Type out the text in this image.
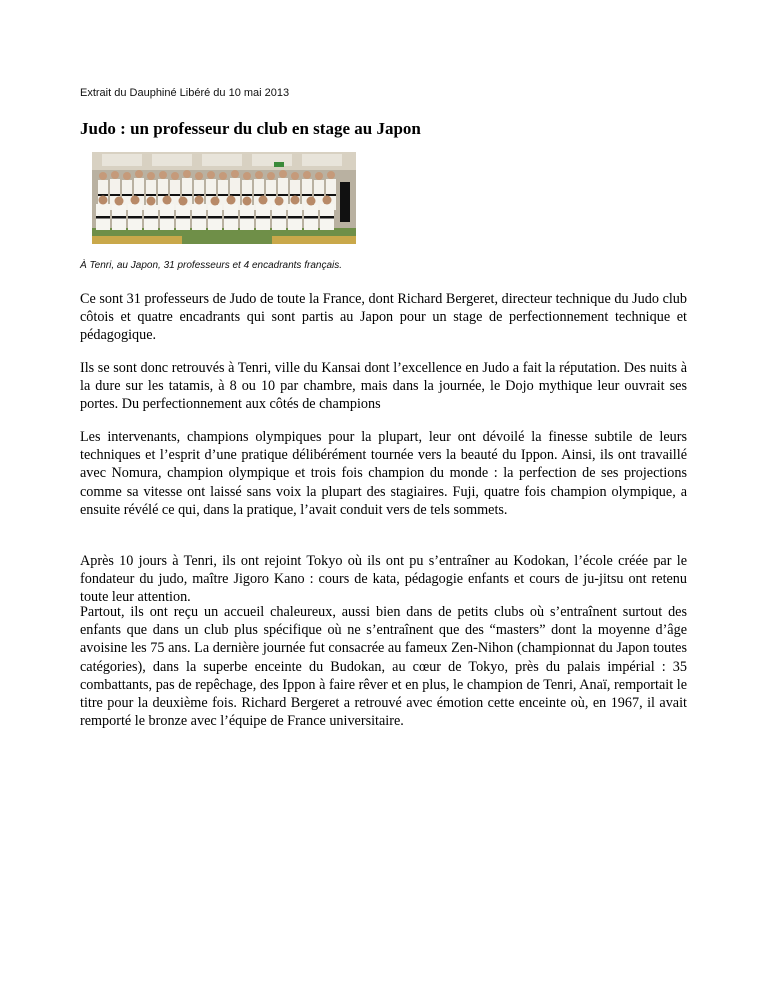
Extrait du Dauphiné Libéré du 10 mai 2013
Judo : un professeur du club en stage au Japon
À Tenri, au Japon, 31 professeurs et 4 encadrants français.

Ce sont 31 professeurs de Judo de toute la France, dont Richard Bergeret, directeur technique du Judo club côtois et quatre encadrants qui sont partis au Japon pour un stage de perfectionnement technique et pédagogique.

Ils se sont donc retrouvés à Tenri, ville du Kansai dont l’excellence en Judo a fait la réputation. Des nuits à la dure sur les tatamis, à 8 ou 10 par chambre, mais dans la journée, le Dojo mythique leur ouvrait ses portes. Du perfectionnement aux côtés de champions

Les intervenants, champions olympiques pour la plupart, leur ont dévoilé la finesse subtile de leurs techniques et l’esprit d’une pratique délibérément tournée vers la beauté du Ippon. Ainsi, ils ont travaillé avec Nomura, champion olympique et trois fois champion du monde : la perfection de ses projections comme sa vitesse ont laissé sans voix la plupart des stagiaires. Fuji, quatre fois champion olympique, a ensuite révélé ce qui, dans la pratique, l’avait conduit vers de tels sommets.

Après 10 jours à Tenri, ils ont rejoint Tokyo où ils ont pu s’entraîner au Kodokan, l’école créée par le fondateur du judo, maître Jigoro Kano : cours de kata, pédagogie enfants et cours de ju-jitsu ont retenu toute leur attention.

Partout, ils ont reçu un accueil chaleureux, aussi bien dans de petits clubs où s’entraînent surtout des enfants que dans un club plus spécifique où ne s’entraînent que des “masters” dont la moyenne d’âge avoisine les 75 ans. La dernière journée fut consacrée au fameux Zen-Nihon (championnat du Japon toutes catégories), dans la superbe enceinte du Budokan, au cœur de Tokyo, près du palais impérial : 35 combattants, pas de repêchage, des Ippon à faire rêver et en plus, le champion de Tenri, Anaï, remportait le titre pour la deuxième fois. Richard Bergeret a retrouvé avec émotion cette enceinte où, en 1967, il avait remporté le bronze avec l’équipe de France universitaire.
